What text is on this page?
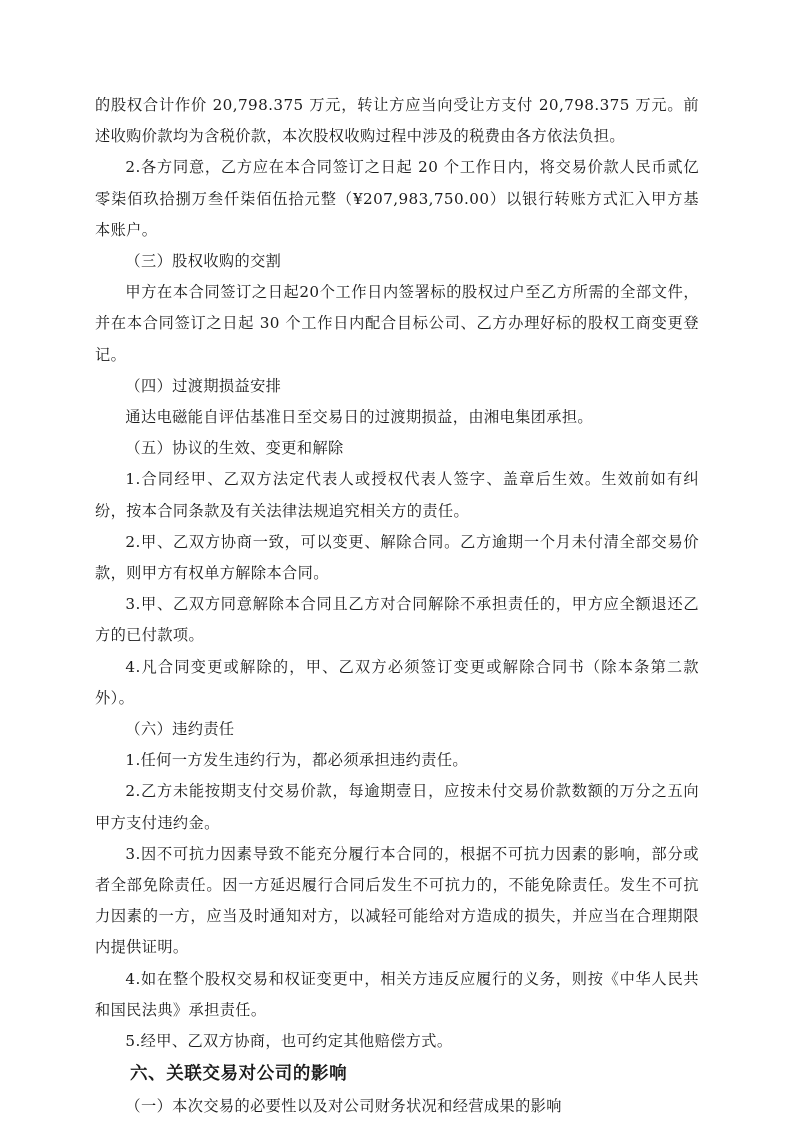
的股权合计作价 20,798.375 万元，转让方应当向受让方支付 20,798.375 万元。前述收购价款均为含税价款，本次股权收购过程中涉及的税费由各方依法负担。

2.各方同意，乙方应在本合同签订之日起 20 个工作日内，将交易价款人民币贰亿零柒佰玖拾捌万叁仟柒佰伍拾元整（¥207,983,750.00）以银行转账方式汇入甲方基本账户。

（三）股权收购的交割

甲方在本合同签订之日起20个工作日内签署标的股权过户至乙方所需的全部文件，并在本合同签订之日起 30 个工作日内配合目标公司、乙方办理好标的股权工商变更登记。

（四）过渡期损益安排

通达电磁能自评估基准日至交易日的过渡期损益，由湘电集团承担。

（五）协议的生效、变更和解除

1.合同经甲、乙双方法定代表人或授权代表人签字、盖章后生效。生效前如有纠纷，按本合同条款及有关法律法规追究相关方的责任。

2.甲、乙双方协商一致，可以变更、解除合同。乙方逾期一个月未付清全部交易价款，则甲方有权单方解除本合同。

3.甲、乙双方同意解除本合同且乙方对合同解除不承担责任的，甲方应全额退还乙方的已付款项。

4.凡合同变更或解除的，甲、乙双方必须签订变更或解除合同书（除本条第二款外）。

（六）违约责任

1.任何一方发生违约行为，都必须承担违约责任。

2.乙方未能按期支付交易价款，每逾期壹日，应按未付交易价款数额的万分之五向甲方支付违约金。

3.因不可抗力因素导致不能充分履行本合同的，根据不可抗力因素的影响，部分或者全部免除责任。因一方延迟履行合同后发生不可抗力的，不能免除责任。发生不可抗力因素的一方，应当及时通知对方，以减轻可能给对方造成的损失，并应当在合理期限内提供证明。

4.如在整个股权交易和权证变更中，相关方违反应履行的义务，则按《中华人民共和国民法典》承担责任。

5.经甲、乙双方协商，也可约定其他赔偿方式。

六、关联交易对公司的影响

（一）本次交易的必要性以及对公司财务状况和经营成果的影响
